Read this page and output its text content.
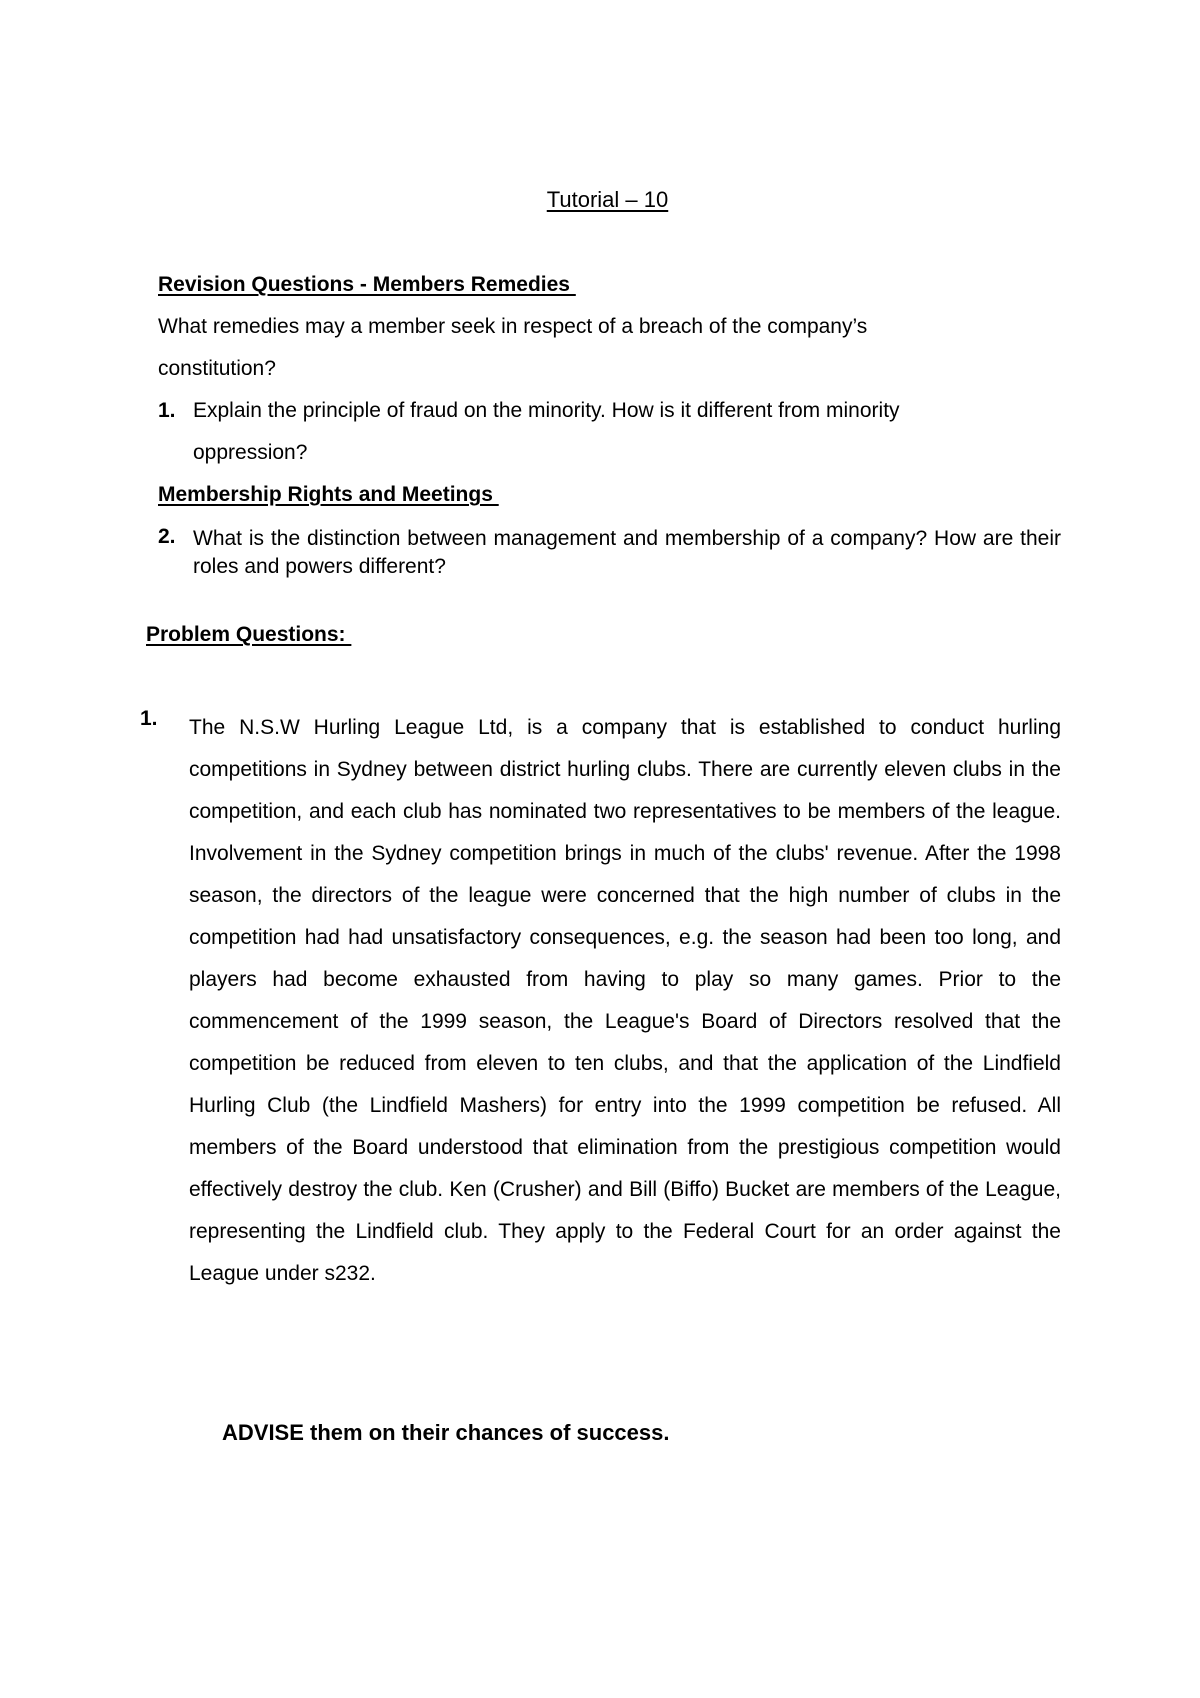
Tutorial – 10
Revision Questions - Members Remedies
What remedies may a member seek in respect of a breach of the company’s
constitution?
1. Explain the principle of fraud on the minority. How is it different from minority
oppression?
Membership Rights and Meetings
2. What is the distinction between management and membership of a company? How are their roles and powers different?
Problem Questions:
1. The N.S.W Hurling League Ltd, is a company that is established to conduct hurling competitions in Sydney between district hurling clubs. There are currently eleven clubs in the competition, and each club has nominated two representatives to be members of the league. Involvement in the Sydney competition brings in much of the clubs' revenue. After the 1998 season, the directors of the league were concerned that the high number of clubs in the competition had had unsatisfactory consequences, e.g. the season had been too long, and players had become exhausted from having to play so many games. Prior to the commencement of the 1999 season, the League's Board of Directors resolved that the competition be reduced from eleven to ten clubs, and that the application of the Lindfield Hurling Club (the Lindfield Mashers) for entry into the 1999 competition be refused. All members of the Board understood that elimination from the prestigious competition would effectively destroy the club. Ken (Crusher) and Bill (Biffo) Bucket are members of the League, representing the Lindfield club. They apply to the Federal Court for an order against the League under s232.
ADVISE them on their chances of success.
